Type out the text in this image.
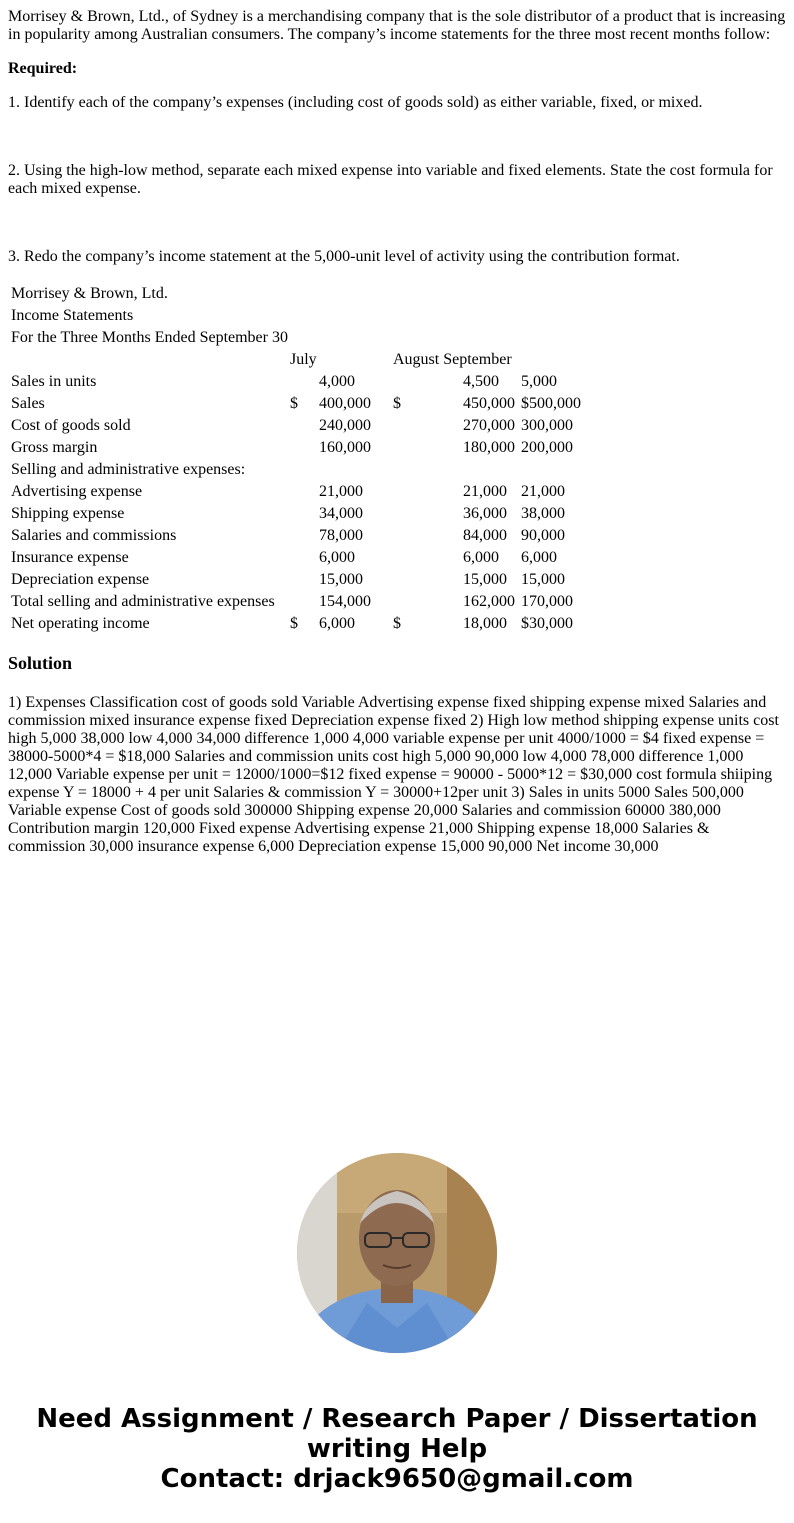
Morrisey & Brown, Ltd., of Sydney is a merchandising company that is the sole distributor of a product that is increasing in popularity among Australian consumers. The company’s income statements for the three most recent months follow:

Required:

1. Identify each of the company’s expenses (including cost of goods sold) as either variable, fixed, or mixed.

2. Using the high-low method, separate each mixed expense into variable and fixed elements. State the cost formula for each mixed expense.

3. Redo the company’s income statement at the 5,000-unit level of activity using the contribution format.

Morrisey & Brown, Ltd.					
Income Statements					
For the Three Months Ended September 30					
	July		August September		
Sales in units		4,000		4,500	5,000
Sales	$	400,000	$	450,000	$500,000
Cost of goods sold		240,000		270,000	300,000
Gross margin		160,000		180,000	200,000
Selling and administrative expenses:					
Advertising expense		21,000		21,000	21,000
Shipping expense		34,000		36,000	38,000
Salaries and commissions		78,000		84,000	90,000
Insurance expense		6,000		6,000	6,000
Depreciation expense		15,000		15,000	15,000
Total selling and administrative expenses		154,000		162,000	170,000
Net operating income	$	6,000	$	18,000	$30,000
Solution

1) Expenses Classification cost of goods sold Variable Advertising expense fixed shipping expense mixed Salaries and commission mixed insurance expense fixed Depreciation expense fixed 2) High low method shipping expense units cost high 5,000 38,000 low 4,000 34,000 difference 1,000 4,000 variable expense per unit 4000/1000 = $4 fixed expense = 38000-5000*4 = $18,000 Salaries and commission units cost high 5,000 90,000 low 4,000 78,000 difference 1,000 12,000 Variable expense per unit = 12000/1000=$12 fixed expense = 90000 - 5000*12 = $30,000 cost formula shiiping expense Y = 18000 + 4 per unit Salaries & commission Y = 30000+12per unit 3) Sales in units 5000 Sales 500,000 Variable expense Cost of goods sold 300000 Shipping expense 20,000 Salaries and commission 60000 380,000 Contribution margin 120,000 Fixed expense Advertising expense 21,000 Shipping expense 18,000 Salaries & commission 30,000 insurance expense 6,000 Depreciation expense 15,000 90,000 Net income 30,000

Need Assignment / Research Paper / Dissertation
writing Help
Contact: drjack9650@gmail.com
